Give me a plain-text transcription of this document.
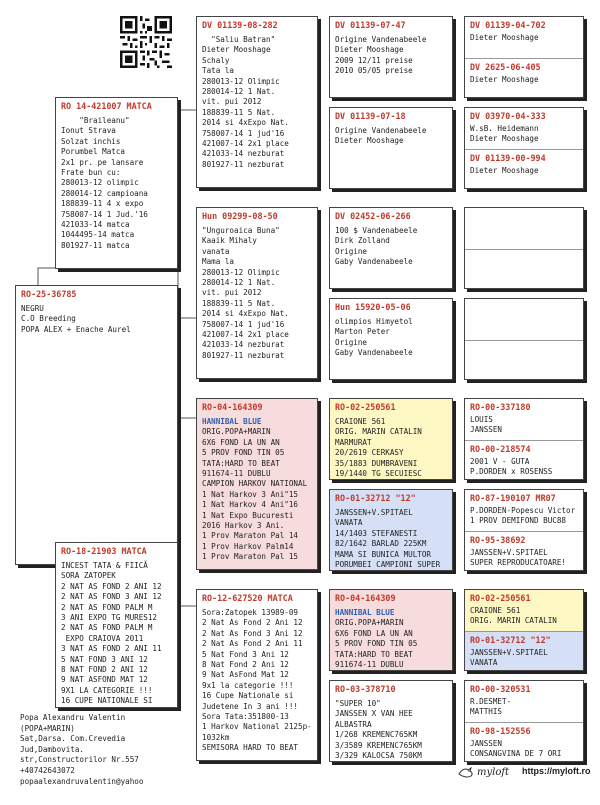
RO-25-36785
NEGRU
C.O Breeding
POPA ALEX + Enache Aurel
RO 14-421007 MATCA
"Braileanu"
Ionut Strava
Solzat inchis
Porumbel Matca
2x1 pr. pe lansare
Frate bun cu:
280013-12 olimpic
280014-12 campioana
188839-11 4 x expo
758007-14 1 Jud.'16
421033-14 matca
1044495-14 matca
801927-11 matca
RO-18-21903 MATCA
INCEST TATA & FIICĂ
SORA ZATOPEK
2 NAT AS FOND 2 ANI 12
2 NAT AS FOND 3 ANI 12
2 NAT AS FOND PALM M
3 ANI EXPO TG MURES12
2 NAT AS FOND PALM M
EXPO CRAIOVA 2011
3 NAT AS FOND 2 ANI 11
5 NAT FOND 3 ANI 12
8 NAT FOND 2 ANI 12
9 NAT ASFOND MAT 12
9X1 LA CATEGORIE !!!
16 CUPE NATIONALE SI
DV 01139-08-282
"Saliu Batran"
Dieter Mooshage
Schaly
Tata la
280013-12 Olimpic
280014-12 1 Nat.
vit. pui 2012
188839-11 5 Nat.
2014 si 4xExpo Nat.
758007-14 1 jud'16
421007-14 2x1 place
421033-14 nezburat
801927-11 nezburat
Hun 09299-08-50
"Unguroaica Buna"
Kaaik Mihaly
vanata
Mama la
280013-12 Olimpic
280014-12 1 Nat.
vit. pui 2012
188839-11 5 Nat.
2014 si 4xExpo Nat.
758007-14 1 jud'16
421007-14 2x1 place
421033-14 nezburat
801927-11 nezburat
RO-04-164309
HANNIBAL BLUE
ORIG.POPA+MARIN
6X6 FOND LA UN AN
5 PROV FOND TIN 05
TATA:HARD TO BEAT
911674-11 DUBLU
CAMPION HARKOV NATIONAL
1 Nat Harkov 3 Ani"15
1 Nat Harkov 4 Ani"16
1 Nat Expo Bucuresti
2016 Harkov 3 Ani.
1 Prov Maraton Pal 14
1 Prov Harkov Palm14
1 Prov Maraton Pal 15
RO-12-627520 MATCA
Sora:Zatopek 13989-09
2 Nat As Fond 2 Ani 12
2 Nat As Fond 3 Ani 12
2 Nat As Fond 2 Ani 11
5 Nat Fond 3 Ani 12
8 Nat Fond 2 Ani 12
9 Nat AsFond Mat 12
9x1 la categorie !!!
16 Cupe Nationale si
Judetene In 3 ani !!!
Sora Tata:351800-13
1 Harkov National 2125p-
1032km
SEMISORA HARD TO BEAT
DV 01139-07-47
Origine Vandenabeele
Dieter Mooshage
2009 12/11 preise
2010 05/05 preise
DV 01139-07-18
Origine Vandenabeele
Dieter Mooshage
DV 02452-06-266
100 $ Vandenabeele
Dirk Zolland
Origine
Gaby Vandenabeele
Hun 15920-05-06
olimpios Himyetol
Marton Peter
Origine
Gaby Vandenabeele
RO-02-250561
CRAIONE 561
ORIG. MARIN CATALIN
MARMURAT
20/2619 CERKASY
35/1883 DUMBRAVENI
19/1440 TG SECUIESC
RO-01-32712 "12"
JANSSEN+V.SPITAEL
VANATA
14/1403 STEFANESTI
82/1642 BARLAD 225KM
MAMA SI BUNICA MULTOR
PORUMBEI CAMPIONI SUPER
RO-04-164309
HANNIBAL BLUE
ORIG.POPA+MARIN
6X6 FOND LA UN AN
5 PROV FOND TIN 05
TATA:HARD TO BEAT
911674-11 DUBLU
RO-03-378710
"SUPER 10"
JANSSEN X VAN HEE
ALBASTRA
1/268 KREMENC765KM
3/3589 KREMENC765KM
3/329 KALOCSA 750KM
DV 01139-04-702
Dieter Mooshage
DV 2625-06-405
Dieter Mooshage
DV 03970-04-333
W.sB. Heidemann
Dieter Mooshage
DV 01139-00-994
Dieter Mooshage
RO-00-337180
LOUIS
JANSSEN
RO-00-218574
2001 V - GUTA
P.DORDEN x ROSENSS
RO-87-190107 MR07
P.DORDEN-Popescu Victor
1 PROV DEMIFOND BUC88
RO-95-38692
JANSSEN+V.SPITAEL
SUPER REPRODUCATOARE!
RO-02-250561
CRAIONE 561
ORIG. MARIN CATALIN
RO-01-32712 "12"
JANSSEN+V.SPITAEL
VANATA
RO-00-320531
R.DESMET-
MATTHIS
RO-98-152556
JANSSEN
CONSANGVINA DE 7 ORI
Popa Alexandru Valentin
(POPA+MARIN)
Sat,Darsa. Com.Crevedia
Jud,Dambovita.
str,Constructorilor Nr.557
+40742643072
popaalexandruvalentin@yahoo
myloft https://myloft.ro
